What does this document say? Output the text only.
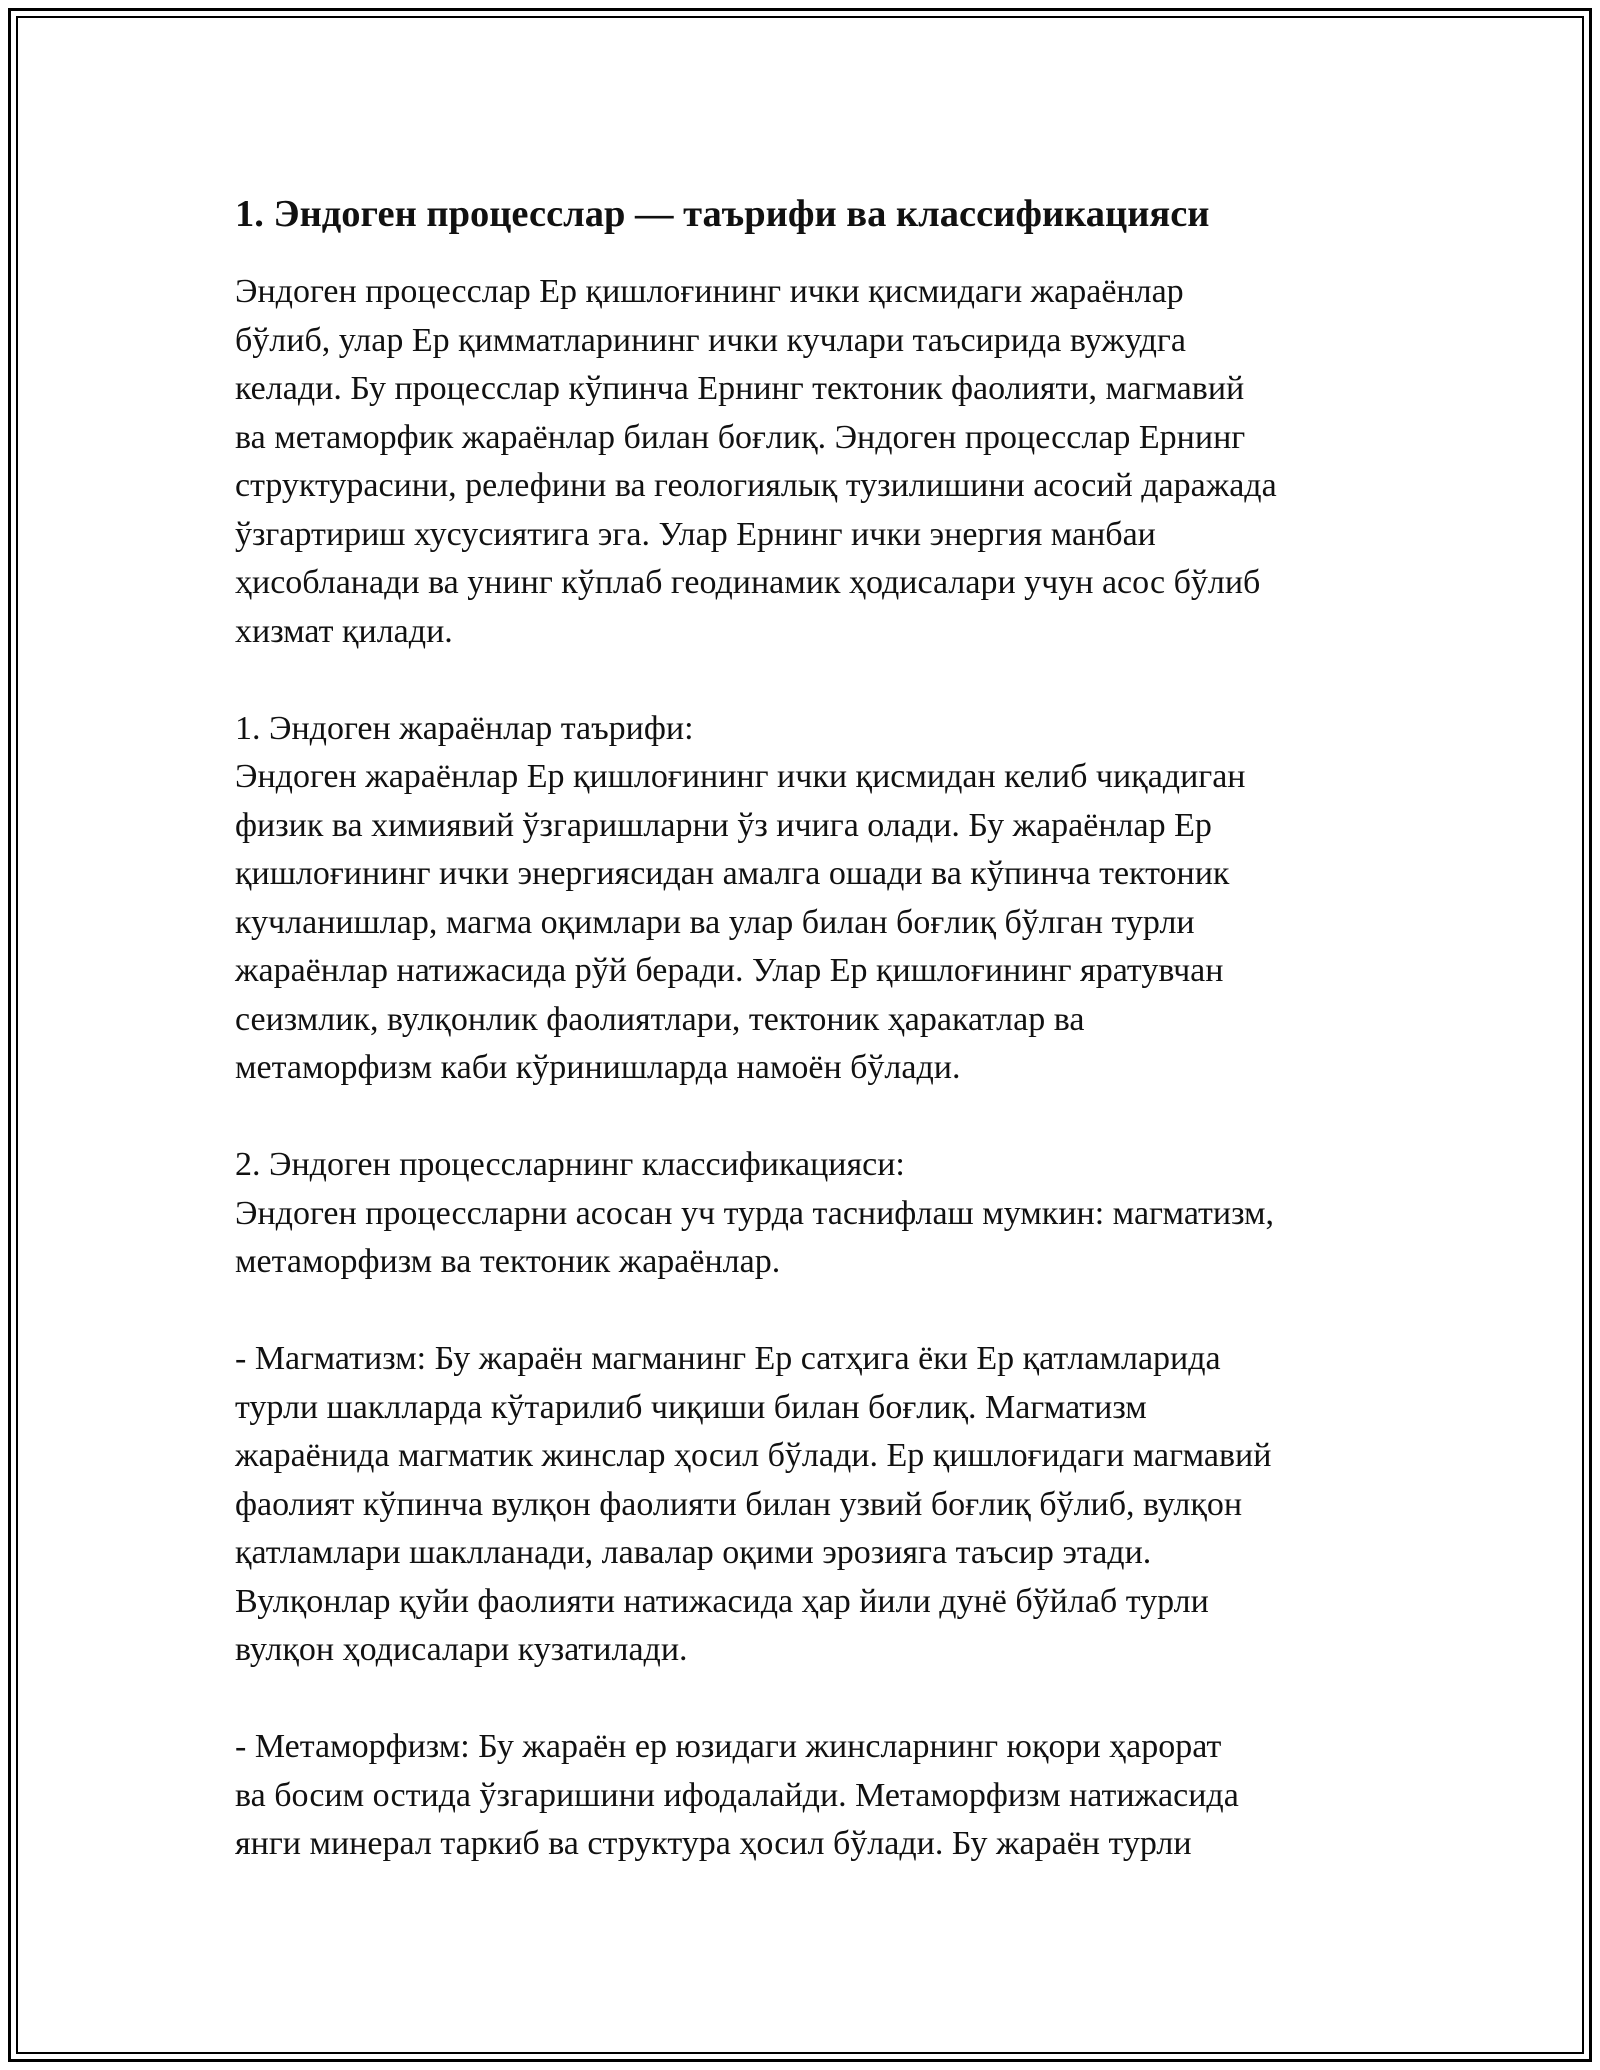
1. Эндоген процесслар — таърифи ва классификацияси

Эндоген процесслар Ер қишлоғининг ички қисмидаги жараёнлар
бўлиб, улар Ер қимматларининг ички кучлари таъсирида вужудга
келади. Бу процесслар кўпинча Ернинг тектоник фаолияти, магмавий
ва метаморфик жараёнлар билан боғлиқ. Эндоген процесслар Ернинг
структурасини, релефини ва геологиялық тузилишини асосий даражада
ўзгартириш хусусиятига эга. Улар Ернинг ички энергия манбаи
ҳисобланади ва унинг кўплаб геодинамик ҳодисалари учун асос бўлиб
хизмат қилади.

1. Эндоген жараёнлар таърифи:

Эндоген жараёнлар Ер қишлоғининг ички қисмидан келиб чиқадиган
физик ва химиявий ўзгаришларни ўз ичига олади. Бу жараёнлар Ер
қишлоғининг ички энергиясидан амалга ошади ва кўпинча тектоник
кучланишлар, магма оқимлари ва улар билан боғлиқ бўлган турли
жараёнлар натижасида рўй беради. Улар Ер қишлоғининг яратувчан
сеизмлик, вулқонлик фаолиятлари, тектоник ҳаракатлар ва
метаморфизм каби кўринишларда намоён бўлади.

2. Эндоген процессларнинг классификацияси:

Эндоген процессларни асосан уч турда таснифлаш мумкин: магматизм,
метаморфизм ва тектоник жараёнлар.

- Магматизм: Бу жараён магманинг Ер сатҳига ёки Ер қатламларида
турли шаклларда кўтарилиб чиқиши билан боғлиқ. Магматизм
жараёнида магматик жинслар ҳосил бўлади. Ер қишлоғидаги магмавий
фаолият кўпинча вулқон фаолияти билан узвий боғлиқ бўлиб, вулқон
қатламлари шаклланади, лавалар оқими эрозияга таъсир этади.
Вулқонлар қуйи фаолияти натижасида ҳар йили дунё бўйлаб турли
вулқон ҳодисалари кузатилади.

- Метаморфизм: Бу жараён ер юзидаги жинсларнинг юқори ҳарорат
ва босим остида ўзгаришини ифодалайди. Метаморфизм натижасида
янги минерал таркиб ва структура ҳосил бўлади. Бу жараён турли
